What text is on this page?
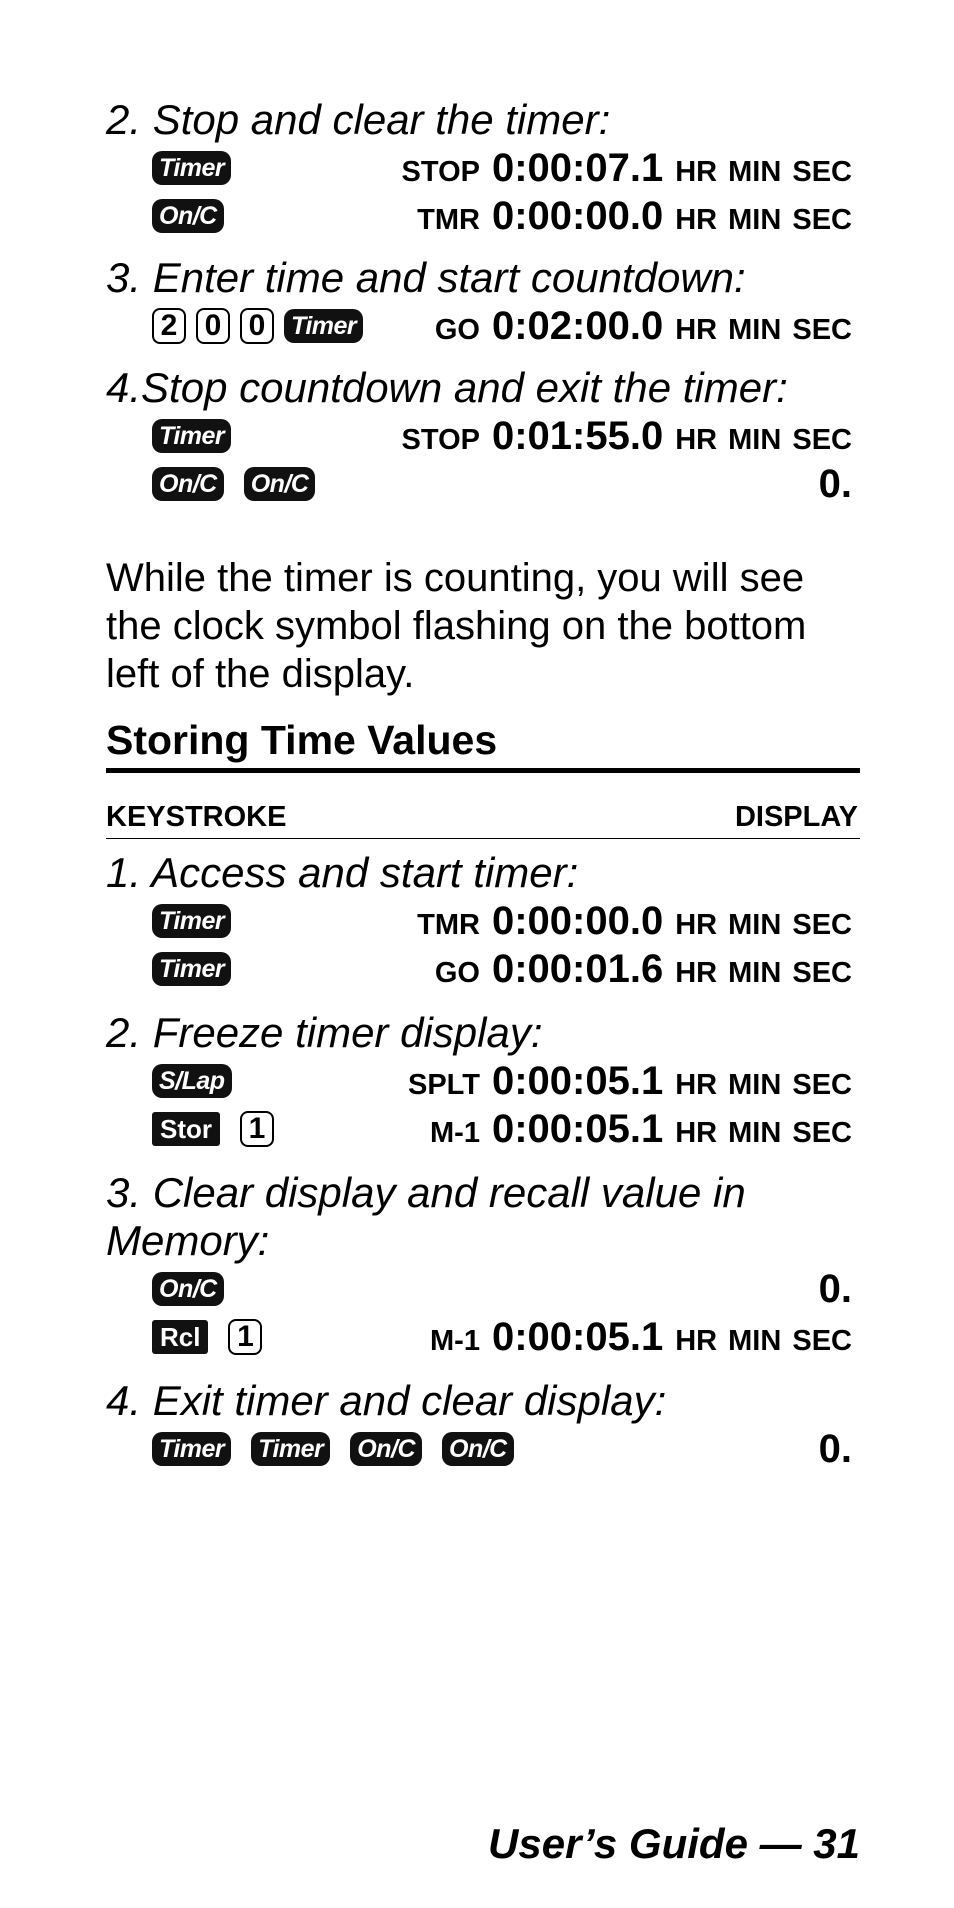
2. Stop and clear the timer:

Timer	STOP 0:00:07.1 HR MIN SEC
On/C	TMR 0:00:00.0 HR MIN SEC

3. Enter time and start countdown:

2 0 0	Timer	GO 0:02:00.0 HR MIN SEC

4.Stop countdown and exit the timer:

Timer	STOP 0:01:55.0 HR MIN SEC
On/C On/C	0.

While the timer is counting, you will see the clock symbol flashing on the bottom left of the display.

Storing Time Values
KEYSTROKE	DISPLAY

1. Access and start timer:

Timer	TMR 0:00:00.0 HR MIN SEC
Timer	GO 0:00:01.6 HR MIN SEC

2. Freeze timer display:

S/Lap	SPLT 0:00:05.1 HR MIN SEC
Stor 1	M-1 0:00:05.1 HR MIN SEC

3. Clear display and recall value in

Memory:

On/C	0.
Rcl 1	M-1 0:00:05.1 HR MIN SEC

4. Exit timer and clear display:

Timer Timer On/C On/C	0.
User’s Guide — 31
